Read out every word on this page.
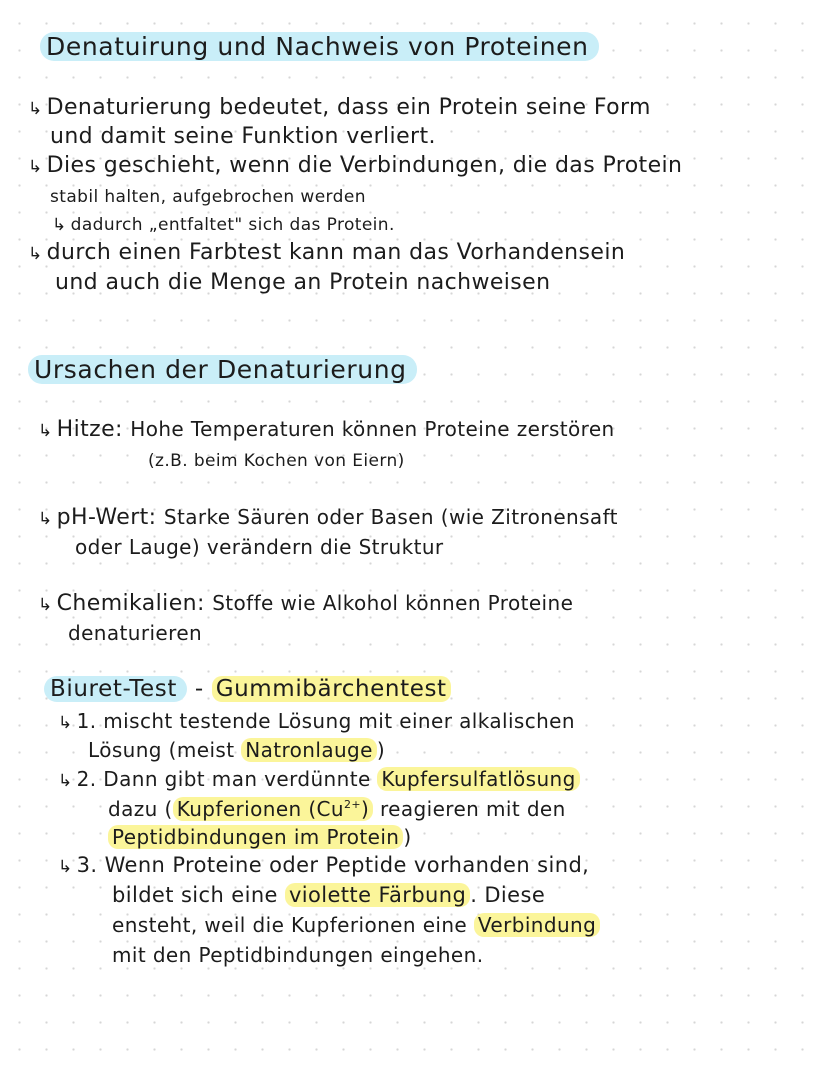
Denatuirung und Nachweis von Proteinen
↳ Denaturierung bedeutet, dass ein Protein seine Form
und damit seine Funktion verliert.
↳ Dies geschieht, wenn die Verbindungen, die das Protein
stabil halten, aufgebrochen werden
↳ dadurch „entfaltet" sich das Protein.
↳ durch einen Farbtest kann man das Vorhandensein
und auch die Menge an Protein nachweisen
Ursachen der Denaturierung
↳ Hitze: Hohe Temperaturen können Proteine zerstören
(z.B. beim Kochen von Eiern)
↳ pH-Wert: Starke Säuren oder Basen (wie Zitronensaft
oder Lauge) verändern die Struktur
↳ Chemikalien: Stoffe wie Alkohol können Proteine
denaturieren
Biuret-Test - Gummibärchentest
↳ 1. mischt testende Lösung mit einer alkalischen
Lösung (meist Natronlauge )
↳ 2. Dann gibt man verdünnte Kupfersulfatlösung
dazu ( Kupferionen $(Cu^{2+})$ reagieren mit den
Peptidbindungen im Protein )
↳ 3. Wenn Proteine oder Peptide vorhanden sind,
bildet sich eine violette Färbung . Diese
ensteht, weil die Kupferionen eine Verbindung
mit den Peptidbindungen eingehen.
